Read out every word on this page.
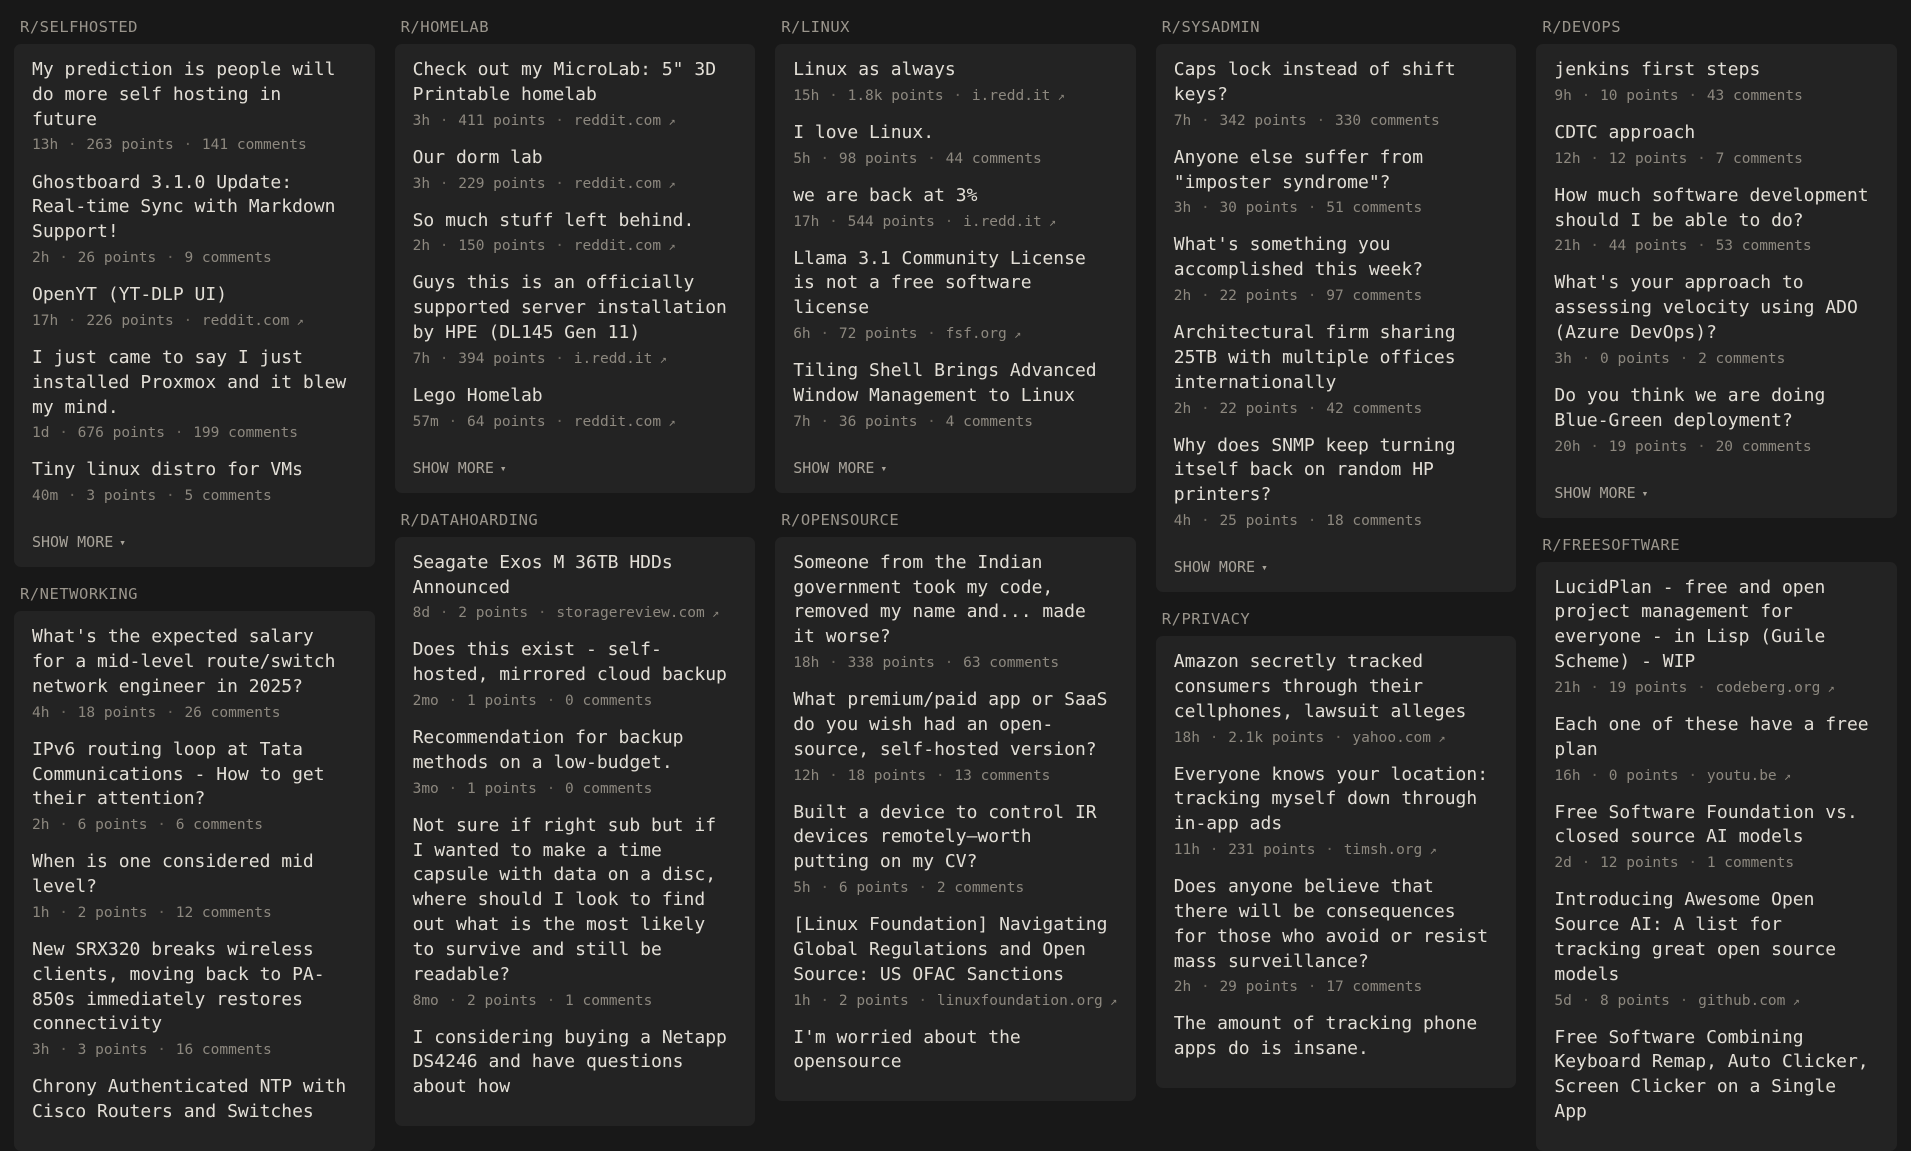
R/SELFHOSTED
My prediction is people will do more self hosting in future
13h · 263 points · 141 comments
Ghostboard 3.1.0 Update: Real-time Sync with Markdown Support!
2h · 26 points · 9 comments
OpenYT (YT-DLP UI)
17h · 226 points · reddit.com ↗
I just came to say I just installed Proxmox and it blew my mind.
1d · 676 points · 199 comments
Tiny linux distro for VMs
40m · 3 points · 5 comments
SHOW MORE ▾
R/NETWORKING
What's the expected salary for a mid-level route/switch network engineer in 2025?
4h · 18 points · 26 comments
IPv6 routing loop at Tata Communications - How to get their attention?
2h · 6 points · 6 comments
When is one considered mid level?
1h · 2 points · 12 comments
New SRX320 breaks wireless clients, moving back to PA-850s immediately restores connectivity
3h · 3 points · 16 comments
Chrony Authenticated NTP with Cisco Routers and Switches
R/HOMELAB
Check out my MicroLab: 5" 3D Printable homelab
3h · 411 points · reddit.com ↗
Our dorm lab
3h · 229 points · reddit.com ↗
So much stuff left behind.
2h · 150 points · reddit.com ↗
Guys this is an officially supported server installation by HPE (DL145 Gen 11)
7h · 394 points · i.redd.it ↗
Lego Homelab
57m · 64 points · reddit.com ↗
SHOW MORE ▾
R/DATAHOARDING
Seagate Exos M 36TB HDDs Announced
8d · 2 points · storagereview.com ↗
Does this exist - self-hosted, mirrored cloud backup
2mo · 1 points · 0 comments
Recommendation for backup methods on a low-budget.
3mo · 1 points · 0 comments
Not sure if right sub but if I wanted to make a time capsule with data on a disc, where should I look to find out what is the most likely to survive and still be readable?
8mo · 2 points · 1 comments
I considering buying a Netapp DS4246 and have questions about how
R/LINUX
Linux as always
15h · 1.8k points · i.redd.it ↗
I love Linux.
5h · 98 points · 44 comments
we are back at 3%
17h · 544 points · i.redd.it ↗
Llama 3.1 Community License is not a free software license
6h · 72 points · fsf.org ↗
Tiling Shell Brings Advanced Window Management to Linux
7h · 36 points · 4 comments
SHOW MORE ▾
R/OPENSOURCE
Someone from the Indian government took my code, removed my name and... made it worse?
18h · 338 points · 63 comments
What premium/paid app or SaaS do you wish had an open-source, self-hosted version?
12h · 18 points · 13 comments
Built a device to control IR devices remotely—worth putting on my CV?
5h · 6 points · 2 comments
[Linux Foundation] Navigating Global Regulations and Open Source: US OFAC Sanctions
1h · 2 points · linuxfoundation.org ↗
I'm worried about the opensource
R/SYSADMIN
Caps lock instead of shift keys?
7h · 342 points · 330 comments
Anyone else suffer from "imposter syndrome"?
3h · 30 points · 51 comments
What's something you accomplished this week?
2h · 22 points · 97 comments
Architectural firm sharing 25TB with multiple offices internationally
2h · 22 points · 42 comments
Why does SNMP keep turning itself back on random HP printers?
4h · 25 points · 18 comments
SHOW MORE ▾
R/PRIVACY
Amazon secretly tracked consumers through their cellphones, lawsuit alleges
18h · 2.1k points · yahoo.com ↗
Everyone knows your location: tracking myself down through in-app ads
11h · 231 points · timsh.org ↗
Does anyone believe that there will be consequences for those who avoid or resist mass surveillance?
2h · 29 points · 17 comments
The amount of tracking phone apps do is insane.
R/DEVOPS
jenkins first steps
9h · 10 points · 43 comments
CDTC approach
12h · 12 points · 7 comments
How much software development should I be able to do?
21h · 44 points · 53 comments
What's your approach to assessing velocity using ADO (Azure DevOps)?
3h · 0 points · 2 comments
Do you think we are doing Blue-Green deployment?
20h · 19 points · 20 comments
SHOW MORE ▾
R/FREESOFTWARE
LucidPlan - free and open project management for everyone - in Lisp (Guile Scheme) - WIP
21h · 19 points · codeberg.org ↗
Each one of these have a free plan
16h · 0 points · youtu.be ↗
Free Software Foundation vs. closed source AI models
2d · 12 points · 1 comments
Introducing Awesome Open Source AI: A list for tracking great open source models
5d · 8 points · github.com ↗
Free Software Combining Keyboard Remap, Auto Clicker, Screen Clicker on a Single App
